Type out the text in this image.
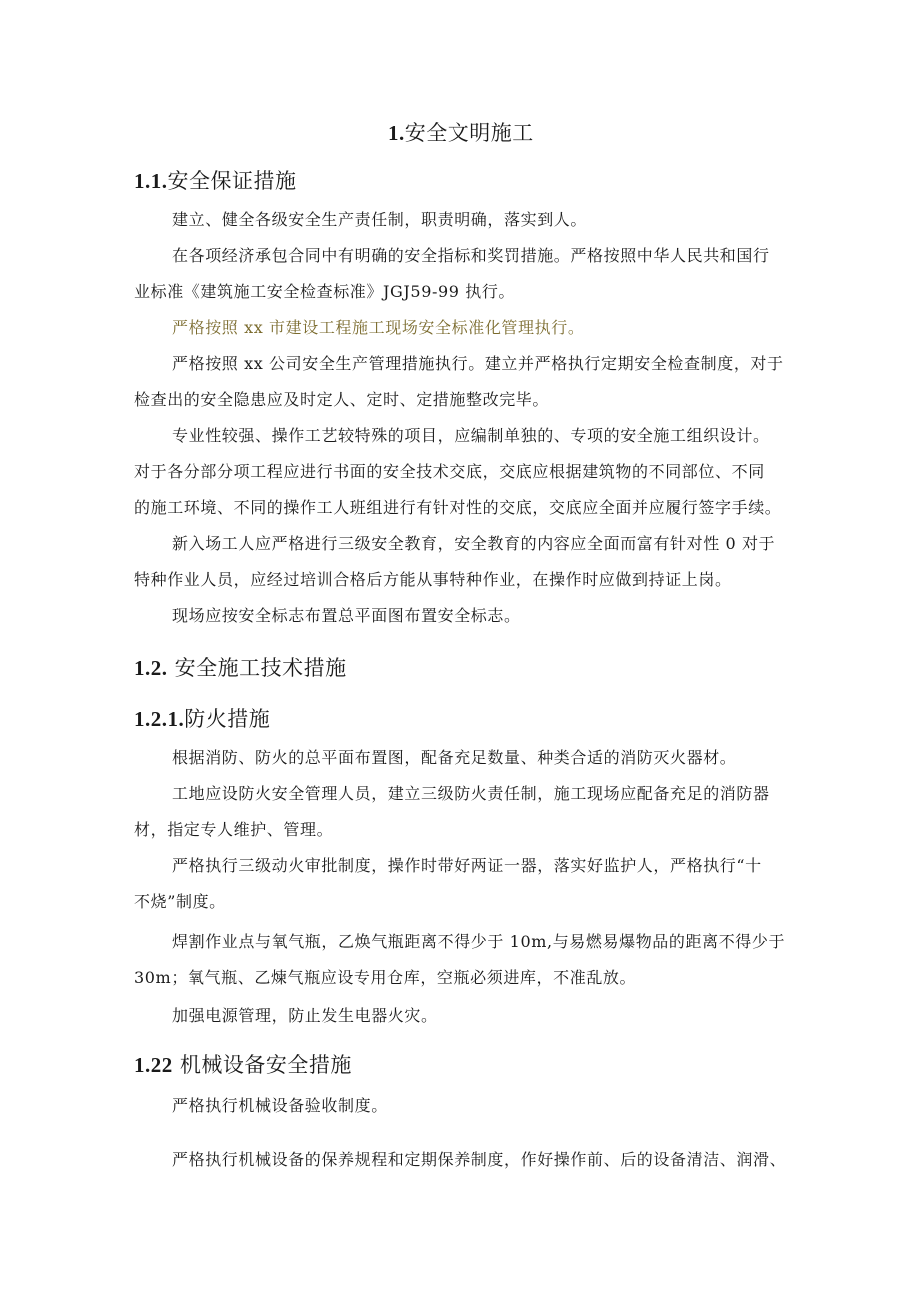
1.安全文明施工
1.1.安全保证措施
建立、健全各级安全生产责任制，职责明确，落实到人。
在各项经济承包合同中有明确的安全指标和奖罚措施。严格按照中华人民共和国行
业标准《建筑施工安全检查标准》JGJ59-99 执行。
严格按照 xx 市建设工程施工现场安全标准化管理执行。
严格按照 xx 公司安全生产管理措施执行。建立并严格执行定期安全检查制度，对于
检查出的安全隐患应及时定人、定时、定措施整改完毕。
专业性较强、操作工艺较特殊的项目，应编制单独的、专项的安全施工组织设计。
对于各分部分项工程应进行书面的安全技术交底，交底应根据建筑物的不同部位、不同
的施工环境、不同的操作工人班组进行有针对性的交底，交底应全面并应履行签字手续。
新入场工人应严格进行三级安全教育，安全教育的内容应全面而富有针对性 0 对于
特种作业人员，应经过培训合格后方能从事特种作业，在操作时应做到持证上岗。
现场应按安全标志布置总平面图布置安全标志。
1.2. 安全施工技术措施
1.2.1.防火措施
根据消防、防火的总平面布置图，配备充足数量、种类合适的消防灭火器材。
工地应设防火安全管理人员，建立三级防火责任制，施工现场应配备充足的消防器
材，指定专人维护、管理。
严格执行三级动火审批制度，操作时带好两证一器，落实好监护人，严格执行“十
不烧”制度。
焊割作业点与氧气瓶，乙焕气瓶距离不得少于 10m,与易燃易爆物品的距离不得少于
30m；氧气瓶、乙煉气瓶应设专用仓库，空瓶必须进库，不准乱放。
加强电源管理，防止发生电器火灾。
1.22 机械设备安全措施
严格执行机械设备验收制度。
严格执行机械设备的保养规程和定期保养制度，作好操作前、后的设备清洁、润滑、
